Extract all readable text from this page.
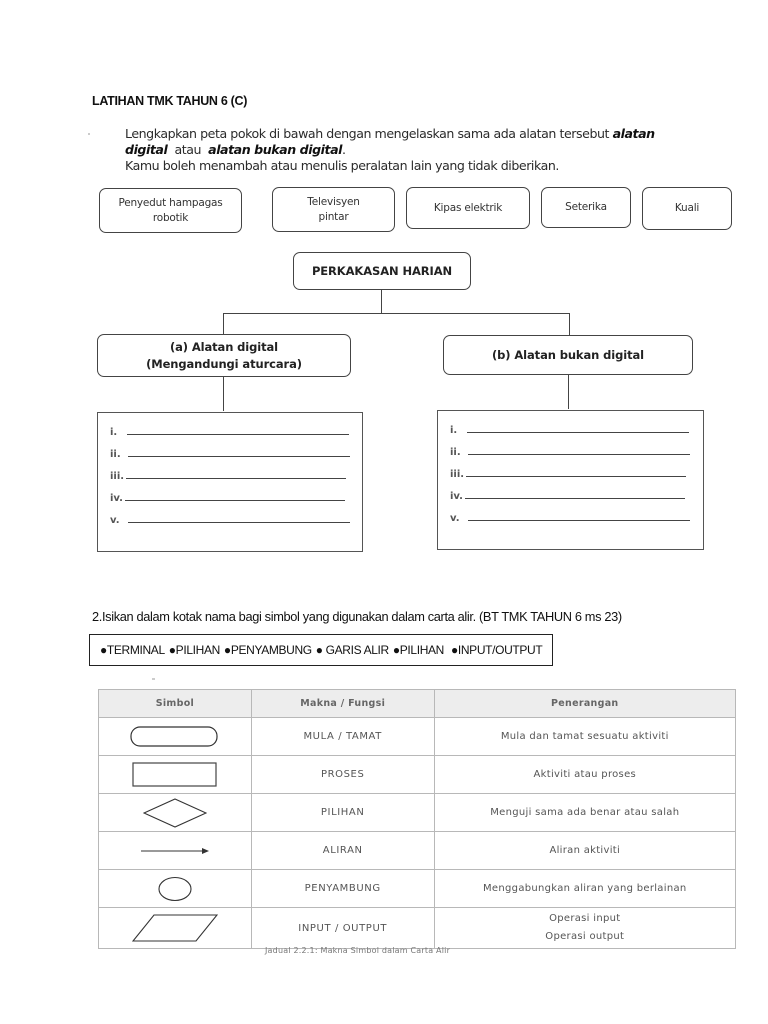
LATIHAN TMK TAHUN 6 (C)
Lengkapkan peta pokok di bawah dengan mengelaskan sama ada alatan tersebut alatan
digital  atau  alatan bukan digital.
Kamu boleh menambah atau menulis peralatan lain yang tidak diberikan.
Penyedut hampagas
robotik
Televisyen
pintar
Kipas elektrik	Seterika	Kuali
PERKAKASAN HARIAN
(a) Alatan digital
(Mengandungi aturcara)
(b) Alatan bukan digital
i.
ii.
iii.
iv.
v.
i.
ii.
iii.
iv.
v.
2.Isikan dalam kotak nama bagi simbol yang digunakan dalam carta alir. (BT TMK TAHUN 6 ms 23)
●TERMINAL ●PILIHAN ●PENYAMBUNG ● GARIS ALIR ●PILIHAN ●INPUT/OUTPUT
Simbol	Makna / Fungsi	Penerangan

	MULA / TAMAT	Mula dan tamat sesuatu aktiviti

	PROSES	Aktiviti atau proses

	PILIHAN	Menguji sama ada benar atau salah

	ALIRAN	Aliran aktiviti

	PENYAMBUNG	Menggabungkan aliran yang berlainan

	INPUT / OUTPUT	Operasi input
Operasi output
Jadual 2.2.1: Makna Simbol dalam Carta Alir
